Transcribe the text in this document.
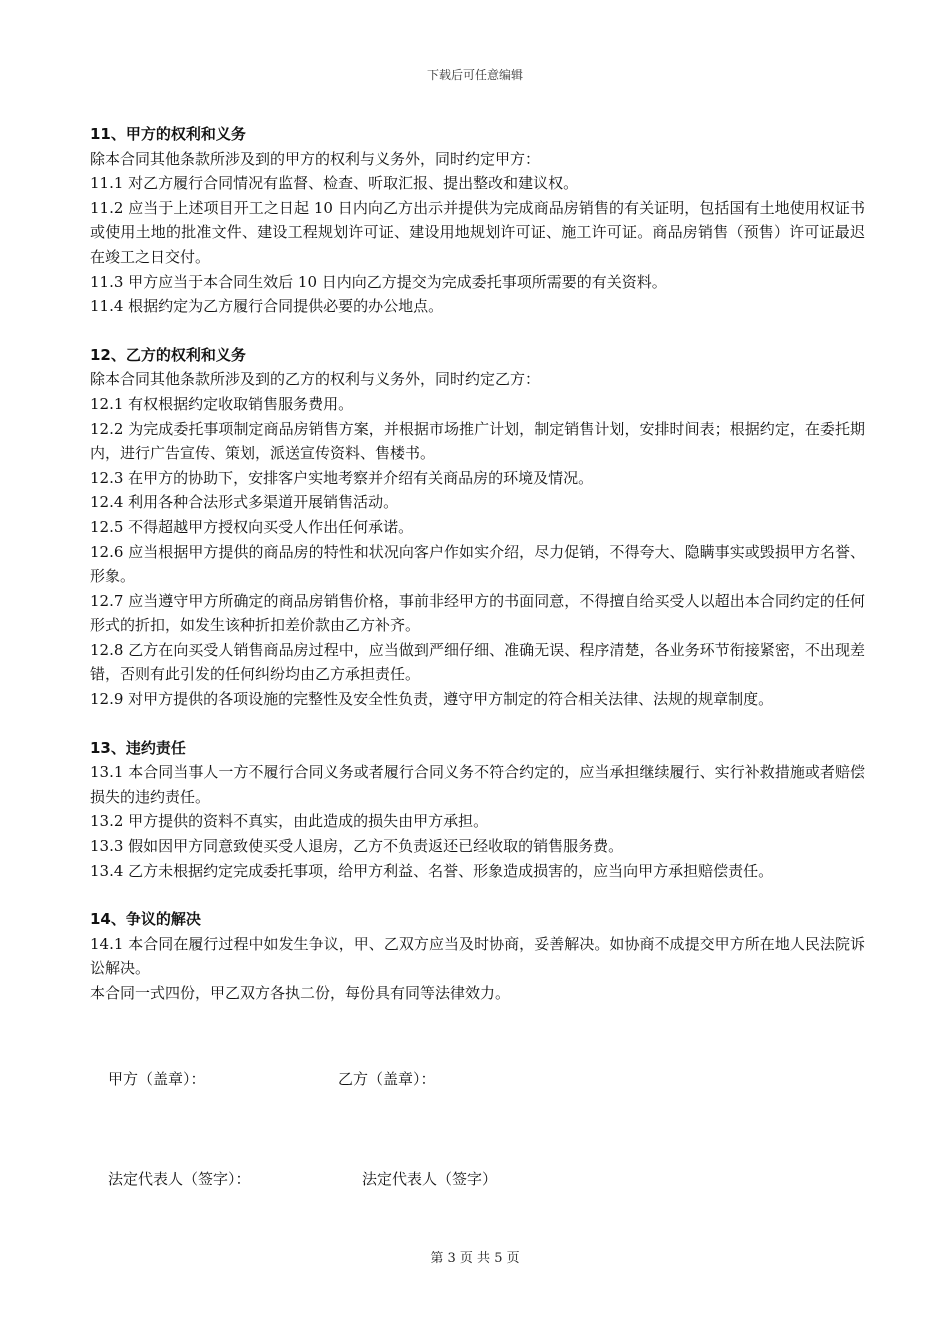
下载后可任意编辑
11、甲方的权利和义务

除本合同其他条款所涉及到的甲方的权利与义务外，同时约定甲方：

11.1 对乙方履行合同情况有监督、检查、听取汇报、提出整改和建议权。

11.2 应当于上述项目开工之日起 10 日内向乙方出示并提供为完成商品房销售的有关证明，包括国有土地使用权证书或使用土地的批准文件、建设工程规划许可证、建设用地规划许可证、施工许可证。商品房销售（预售）许可证最迟在竣工之日交付。

11.3 甲方应当于本合同生效后 10 日内向乙方提交为完成委托事项所需要的有关资料。

11.4 根据约定为乙方履行合同提供必要的办公地点。

12、乙方的权利和义务

除本合同其他条款所涉及到的乙方的权利与义务外，同时约定乙方：

12.1 有权根据约定收取销售服务费用。

12.2 为完成委托事项制定商品房销售方案，并根据市场推广计划，制定销售计划，安排时间表；根据约定，在委托期内，进行广告宣传、策划，派送宣传资料、售楼书。

12.3 在甲方的协助下，安排客户实地考察并介绍有关商品房的环境及情况。

12.4 利用各种合法形式多渠道开展销售活动。

12.5 不得超越甲方授权向买受人作出任何承诺。

12.6 应当根据甲方提供的商品房的特性和状况向客户作如实介绍，尽力促销，不得夸大、隐瞒事实或毁损甲方名誉、形象。

12.7 应当遵守甲方所确定的商品房销售价格，事前非经甲方的书面同意，不得擅自给买受人以超出本合同约定的任何形式的折扣，如发生该种折扣差价款由乙方补齐。

12.8 乙方在向买受人销售商品房过程中，应当做到严细仔细、准确无误、程序清楚，各业务环节衔接紧密，不出现差错，否则有此引发的任何纠纷均由乙方承担责任。

12.9 对甲方提供的各项设施的完整性及安全性负责，遵守甲方制定的符合相关法律、法规的规章制度。

13、违约责任

13.1 本合同当事人一方不履行合同义务或者履行合同义务不符合约定的，应当承担继续履行、实行补救措施或者赔偿损失的违约责任。

13.2 甲方提供的资料不真实，由此造成的损失由甲方承担。

13.3 假如因甲方同意致使买受人退房，乙方不负责返还已经收取的销售服务费。

13.4 乙方未根据约定完成委托事项，给甲方利益、名誉、形象造成损害的，应当向甲方承担赔偿责任。

14、争议的解决

14.1 本合同在履行过程中如发生争议，甲、乙双方应当及时协商，妥善解决。如协商不成提交甲方所在地人民法院诉讼解决。

本合同一式四份，甲乙双方各执二份，每份具有同等法律效力。

甲方（盖章）：	乙方（盖章）：
法定代表人（签字）：	法定代表人（签字）
第 3 页 共 5 页
